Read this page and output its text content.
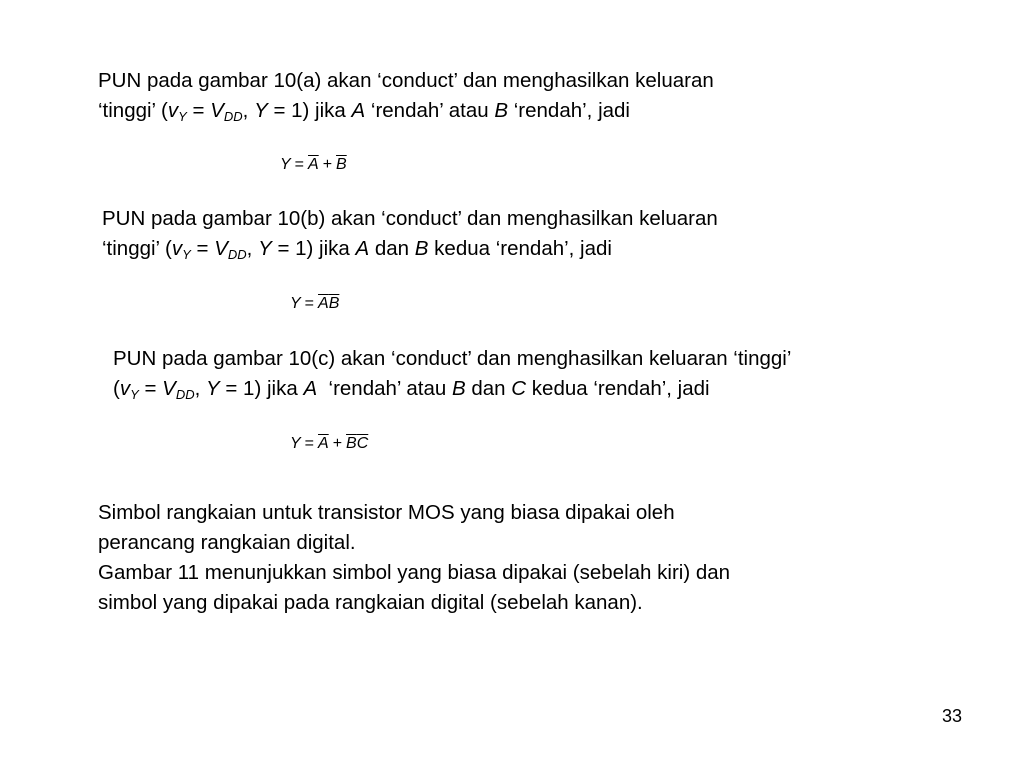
PUN pada gambar 10(a) akan ‘conduct’ dan menghasilkan keluaran
‘tinggi’ ($v_Y = V_{DD}$, Y = 1) jika A ‘rendah’ atau B ‘rendah’, jadi
$Y = \overline{A} + \overline{B}$
PUN pada gambar 10(b) akan ‘conduct’ dan menghasilkan keluaran
‘tinggi’ ($v_Y = V_{DD}$, Y = 1) jika A dan B kedua ‘rendah’, jadi
$Y = \overline{A}\overline{B}$
PUN pada gambar 10(c) akan ‘conduct’ dan menghasilkan keluaran ‘tinggi’
($v_Y = V_{DD}$, Y = 1) jika A  ‘rendah’ atau B dan C kedua ‘rendah’, jadi
$Y = \overline{A} + \overline{B}\overline{C}$
Simbol rangkaian untuk transistor MOS yang biasa dipakai oleh
perancang rangkaian digital.
Gambar 11 menunjukkan simbol yang biasa dipakai (sebelah kiri) dan
simbol yang dipakai pada rangkaian digital (sebelah kanan).
33
